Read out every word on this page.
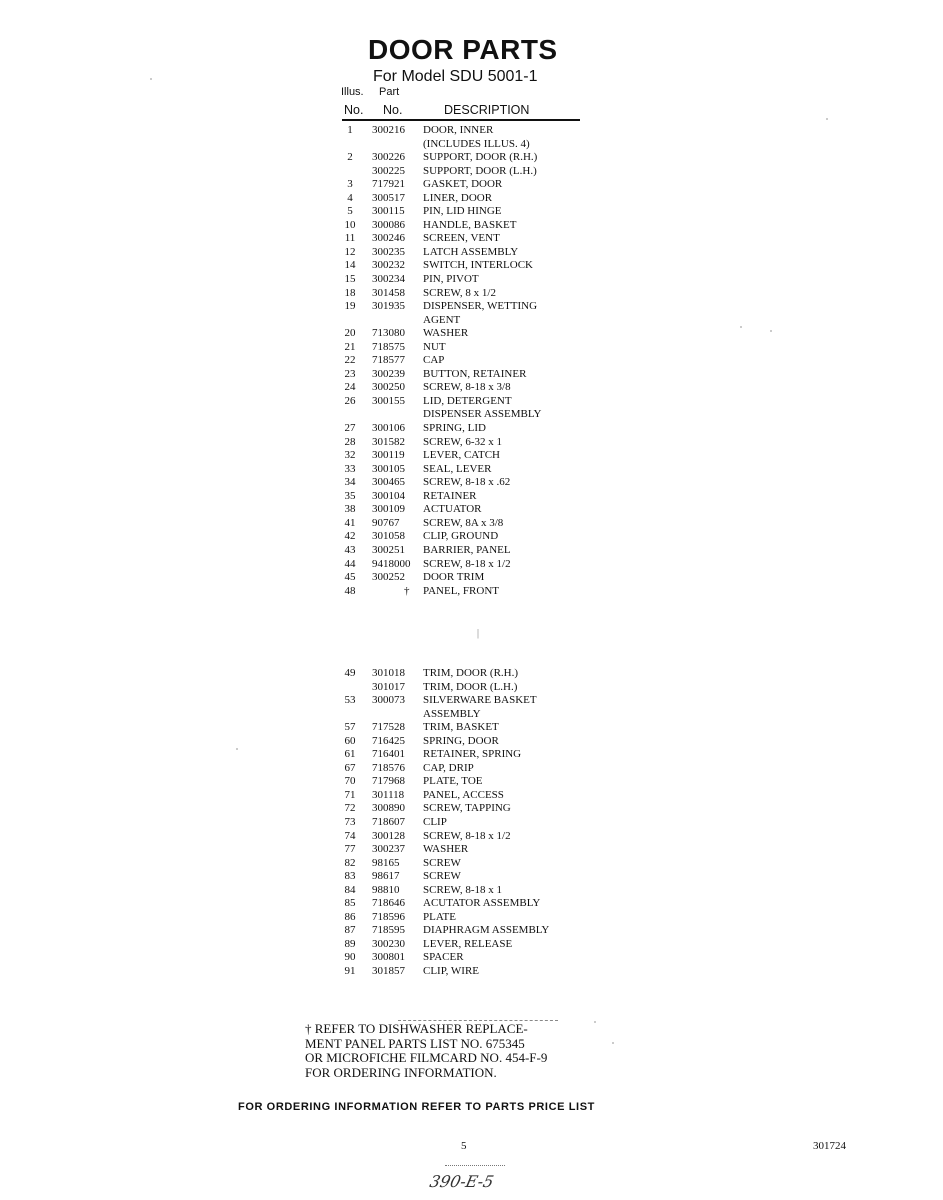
DOOR PARTS
For Model SDU 5001-1
Illus. Part
No. No.	DESCRIPTION
1	300216 DOOR, INNER
(INCLUDES ILLUS. 4)
2	300226 SUPPORT, DOOR (R.H.)
300225 SUPPORT, DOOR (L.H.)
3	717921 GASKET, DOOR
4	300517 LINER, DOOR
5	300115 PIN, LID HINGE
10	300086 HANDLE, BASKET
11	300246 SCREEN, VENT
12	300235 LATCH ASSEMBLY
14	300232 SWITCH, INTERLOCK
15	300234 PIN, PIVOT
18	301458 SCREW, 8 x 1/2
19	301935 DISPENSER, WETTING
AGENT
20	713080 WASHER
21	718575 NUT
22	718577 CAP
23	300239 BUTTON, RETAINER
24	300250 SCREW, 8-18 x 3/8
26	300155 LID, DETERGENT
DISPENSER ASSEMBLY
27	300106 SPRING, LID
28	301582 SCREW, 6-32 x 1
32	300119 LEVER, CATCH
33	300105 SEAL, LEVER
34	300465 SCREW, 8-18 x .62
35	300104 RETAINER
38	300109 ACTUATOR
41	90767 SCREW, 8A x 3/8
42	301058 CLIP, GROUND
43	300251 BARRIER, PANEL
44	9418000 SCREW, 8-18 x 1/2
45	300252 DOOR TRIM
48	† PANEL, FRONT
|
49	301018 TRIM, DOOR (R.H.)
301017 TRIM, DOOR (L.H.)
53	300073 SILVERWARE BASKET
ASSEMBLY
57	717528 TRIM, BASKET
60	716425 SPRING, DOOR
61	716401 RETAINER, SPRING
67	718576 CAP, DRIP
70	717968 PLATE, TOE
71	301118 PANEL, ACCESS
72	300890 SCREW, TAPPING
73	718607 CLIP
74	300128 SCREW, 8-18 x 1/2
77	300237 WASHER
82	98165 SCREW
83	98617 SCREW
84	98810 SCREW, 8-18 x 1
85	718646 ACUTATOR ASSEMBLY
86	718596 PLATE
87	718595 DIAPHRAGM ASSEMBLY
89	300230 LEVER, RELEASE
90	300801 SPACER
91	301857 CLIP, WIRE
† REFER TO DISHWASHER REPLACE-
MENT PANEL PARTS LIST NO. 675345
OR MICROFICHE FILMCARD NO. 454-F-9
FOR ORDERING INFORMATION.
FOR ORDERING INFORMATION REFER TO PARTS PRICE LIST
5	301724
390-E-5
